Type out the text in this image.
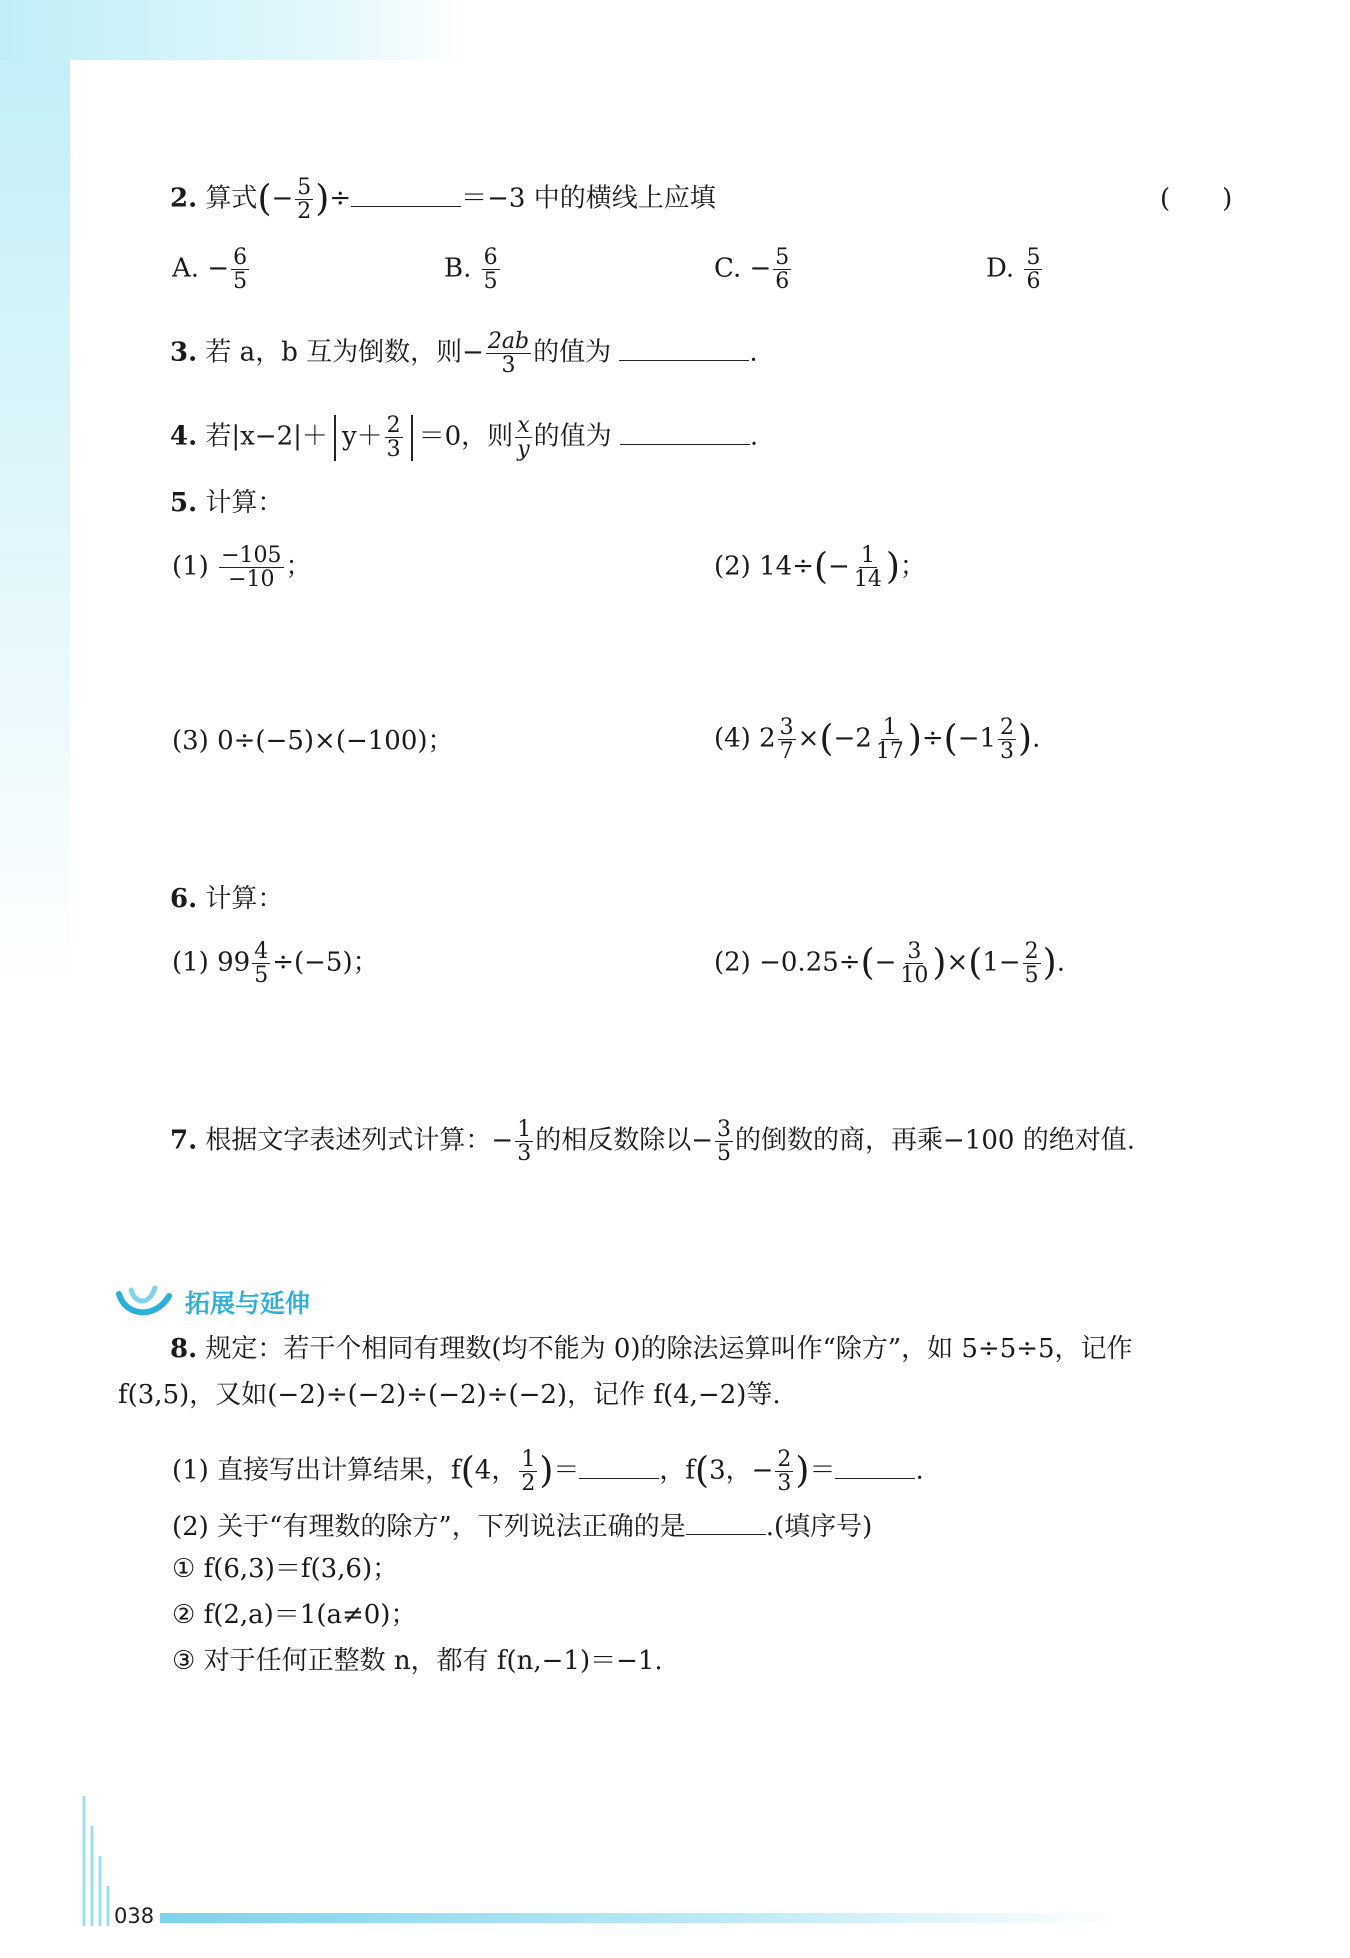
2. 算式(− $\frac{5}{2}$ )÷	＝−3 中的横线上应填	(　　)
A. − $\frac{6}{5}$	B. $\frac{6}{5}$	C. − $\frac{5}{6}$	D. $\frac{5}{6}$
3. 若 a，b 互为倒数，则− $\frac{2ab}{3}$ 的值为	.
4. 若$|x-2|+ y+ \frac{2}{3} =0$，则 $\frac{x}{y}$ 的值为	.
5. 计算：
$(1) \frac{-105}{-10}$ ；	(2) $14\div(- \frac{1}{14}$ )；
(3) 0÷(−5)×(−100)；	(4) $2 \frac{3}{7} \times(-2 \frac{1}{17} )\div(-1 \frac{2}{3}$ ).
6. 计算：
(1) $99 \frac{4}{5} \div(-5)$；	$(2) -0.25\div(- \frac{3}{10} )\times(1- \frac{2}{5}$ ).
7. 根据文字表述列式计算：− $\frac{1}{3}$ 的相反数除以− $\frac{3}{5}$ 的倒数的商，再乘−100 的绝对值.
拓展与延伸
8. 规定：若干个相同有理数(均不能为 0)的除法运算叫作“除方”，如 5÷5÷5，记作
f(3,5)，又如(−2)÷(−2)÷(−2)÷(−2)，记作 f(4,−2)等.
(1) 直接写出计算结果，f(4， $\frac{1}{2}$ )＝	，f(3，− $\frac{2}{3}$ )＝	.
(2) 关于“有理数的除方”，下列说法正确的是	.(填序号)
① f(6,3)＝f(3,6)；
② f(2,a)＝1(a≠0)；
③ 对于任何正整数 n，都有 f(n,−1)＝−1.
038
